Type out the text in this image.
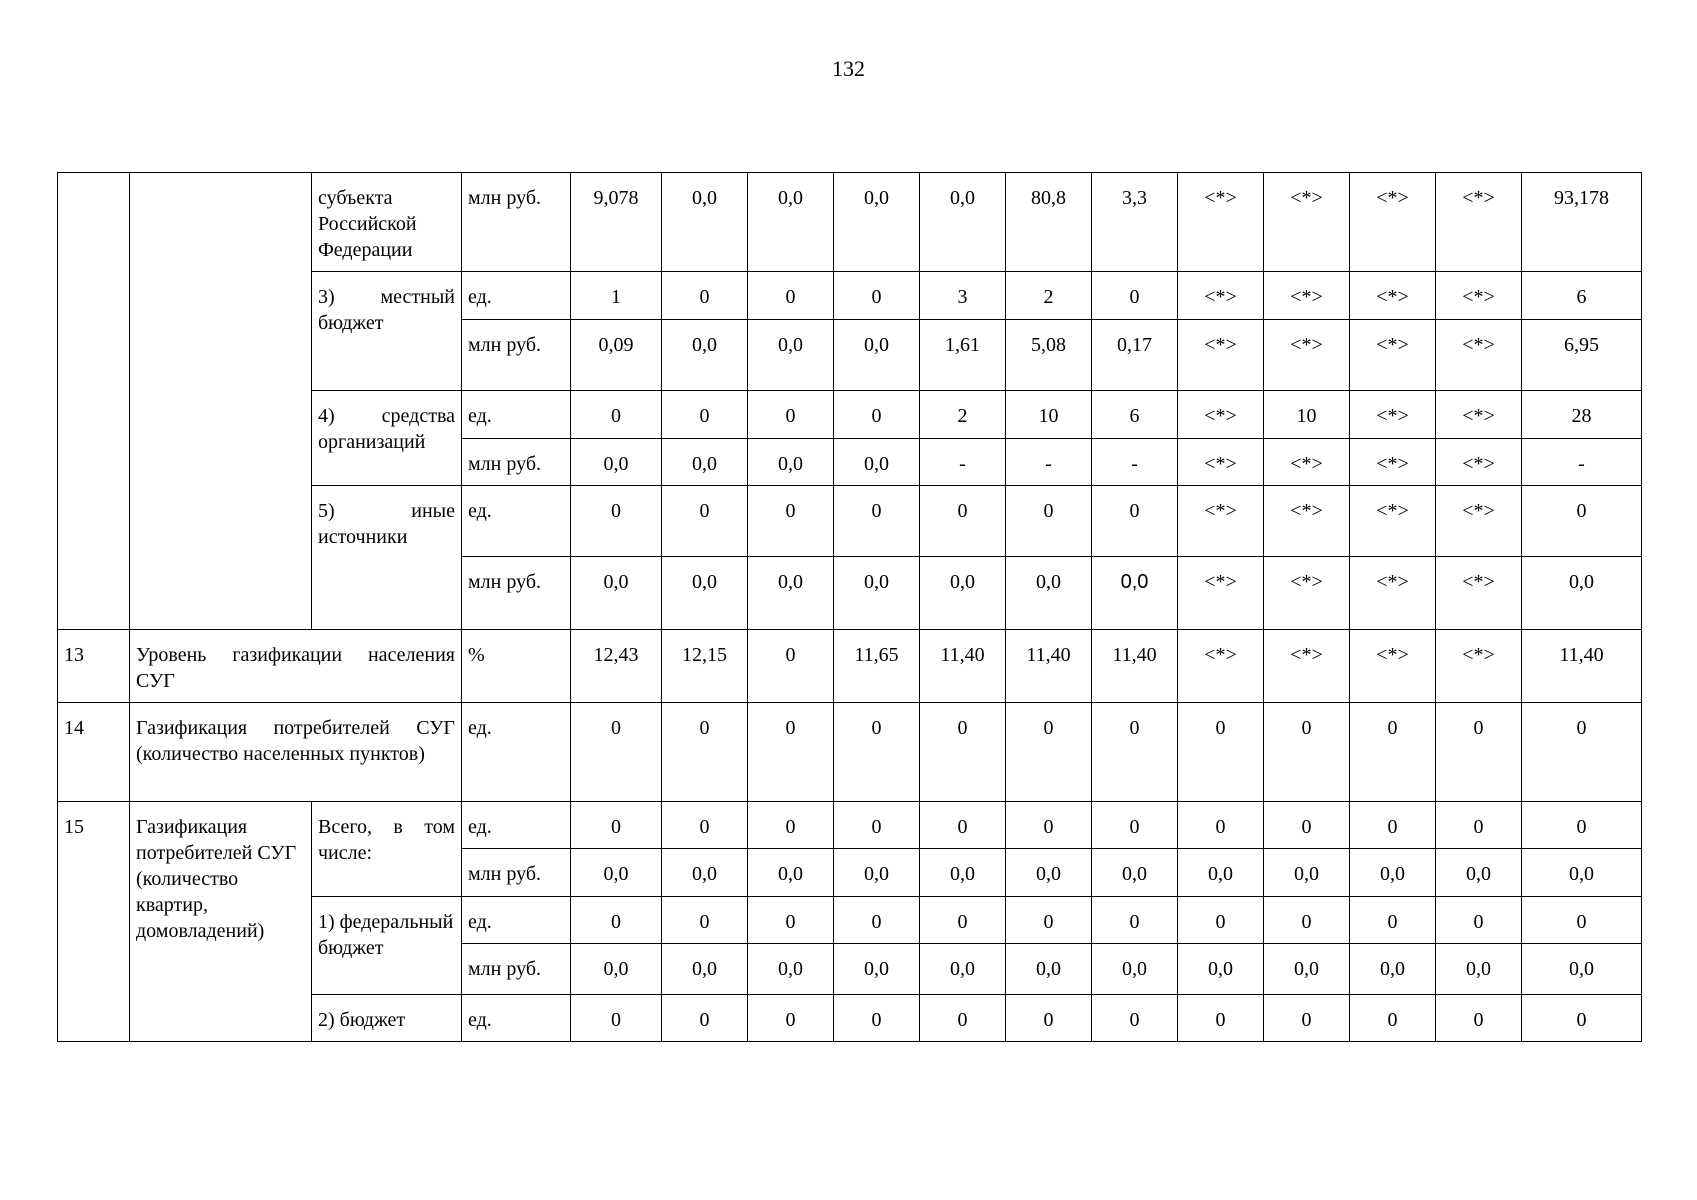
132
		субъекта Российской Федерации	млн руб.	9,078	0,0	0,0	0,0	0,0	80,8	3,3	<*>	<*>	<*>	<*>	93,178
		3) местный бюджет	ед.	1	0	0	0	3	2	0	<*>	<*>	<*>	<*>	6
			млн руб.	0,09	0,0	0,0	0,0	1,61	5,08	0,17	<*>	<*>	<*>	<*>	6,95
		4) средства организаций	ед.	0	0	0	0	2	10	6	<*>	10	<*>	<*>	28
			млн руб.	0,0	0,0	0,0	0,0	-	-	-	<*>	<*>	<*>	<*>	-
		5) иные источники	ед.	0	0	0	0	0	0	0	<*>	<*>	<*>	<*>	0
			млн руб.	0,0	0,0	0,0	0,0	0,0	0,0	0,0	<*>	<*>	<*>	<*>	0,0
13	Уровень газификации населения СУГ		%	12,43	12,15	0	11,65	11,40	11,40	11,40	<*>	<*>	<*>	<*>	11,40
14	Газификация потребителей СУГ (количество населенных пунктов)		ед.	0	0	0	0	0	0	0	0	0	0	0	0
15	Газификация потребителей СУГ (количество квартир, домовладений)	Всего, в том числе:	ед.	0	0	0	0	0	0	0	0	0	0	0	0
			млн руб.	0,0	0,0	0,0	0,0	0,0	0,0	0,0	0,0	0,0	0,0	0,0	0,0
		1) федеральный бюджет	ед.	0	0	0	0	0	0	0	0	0	0	0	0
			млн руб.	0,0	0,0	0,0	0,0	0,0	0,0	0,0	0,0	0,0	0,0	0,0	0,0
		2) бюджет	ед.	0	0	0	0	0	0	0	0	0	0	0	0
